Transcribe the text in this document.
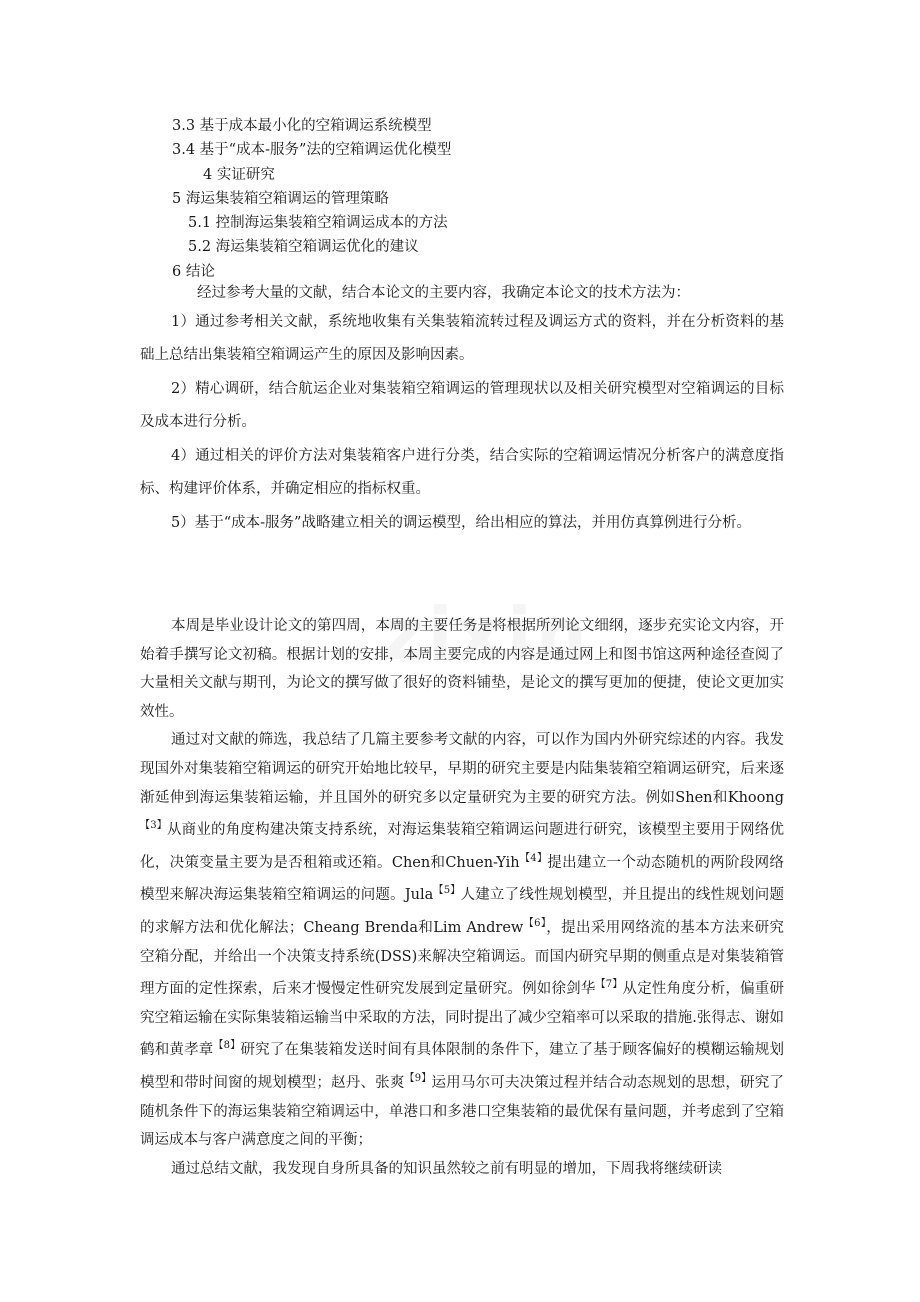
3.3 基于成本最小化的空箱调运系统模型
3.4 基于“成本-服务”法的空箱调运优化模型
4 实证研究
5 海运集装箱空箱调运的管理策略
5.1 控制海运集装箱空箱调运成本的方法
5.2 海运集装箱空箱调运优化的建议
6 结论
经过参考大量的文献，结合本论文的主要内容，我确定本论文的技术方法为：
1）通过参考相关文献，系统地收集有关集装箱流转过程及调运方式的资料，并在分析资料的基础上总结出集装箱空箱调运产生的原因及影响因素。
2）精心调研，结合航运企业对集装箱空箱调运的管理现状以及相关研究模型对空箱调运的目标及成本进行分析。
4）通过相关的评价方法对集装箱客户进行分类，结合实际的空箱调运情况分析客户的满意度指标、构建评价体系，并确定相应的指标权重。
5）基于“成本-服务”战略建立相关的调运模型，给出相应的算法，并用仿真算例进行分析。

本周是毕业设计论文的第四周，本周的主要任务是将根据所列论文细纲，逐步充实论文内容，开始着手撰写论文初稿。根据计划的安排，本周主要完成的内容是通过网上和图书馆这两种途径查阅了大量相关文献与期刊，为论文的撰写做了很好的资料铺垫，是论文的撰写更加的便捷，使论文更加实效性。

通过对文献的筛选，我总结了几篇主要参考文献的内容，可以作为国内外研究综述的内容。我发现国外对集装箱空箱调运的研究开始地比较早，早期的研究主要是内陆集装箱空箱调运研究，后来逐渐延伸到海运集装箱运输，并且国外的研究多以定量研究为主要的研究方法。例如Shen和Khoong$^{【3】}$从商业的角度构建决策支持系统，对海运集装箱空箱调运问题进行研究，该模型主要用于网络优化，决策变量主要为是否租箱或还箱。Chen和Chuen-Yih$^{【4】}$提出建立一个动态随机的两阶段网络模型来解决海运集装箱空箱调运的问题。Jula$^{【5】}$人建立了线性规划模型，并且提出的线性规划问题的求解方法和优化解法；Cheang Brenda和Lim Andrew$^{【6】}$，提出采用网络流的基本方法来研究空箱分配，并给出一个决策支持系统(DSS)来解决空箱调运。而国内研究早期的侧重点是对集装箱管理方面的定性探索，后来才慢慢定性研究发展到定量研究。例如徐剑华$^{【7】}$从定性角度分析，偏重研究空箱运输在实际集装箱运输当中采取的方法，同时提出了减少空箱率可以采取的措施.张得志、谢如鹤和黄孝章$^{【8】}$研究了在集装箱发送时间有具体限制的条件下，建立了基于顾客偏好的模糊运输规划模型和带时间窗的规划模型；赵丹、张爽$^{【9】}$运用马尔可夫决策过程并结合动态规划的思想，研究了随机条件下的海运集装箱空箱调运中，单港口和多港口空集装箱的最优保有量问题，并考虑到了空箱调运成本与客户满意度之间的平衡；

通过总结文献，我发现自身所具备的知识虽然较之前有明显的增加，下周我将继续研读
